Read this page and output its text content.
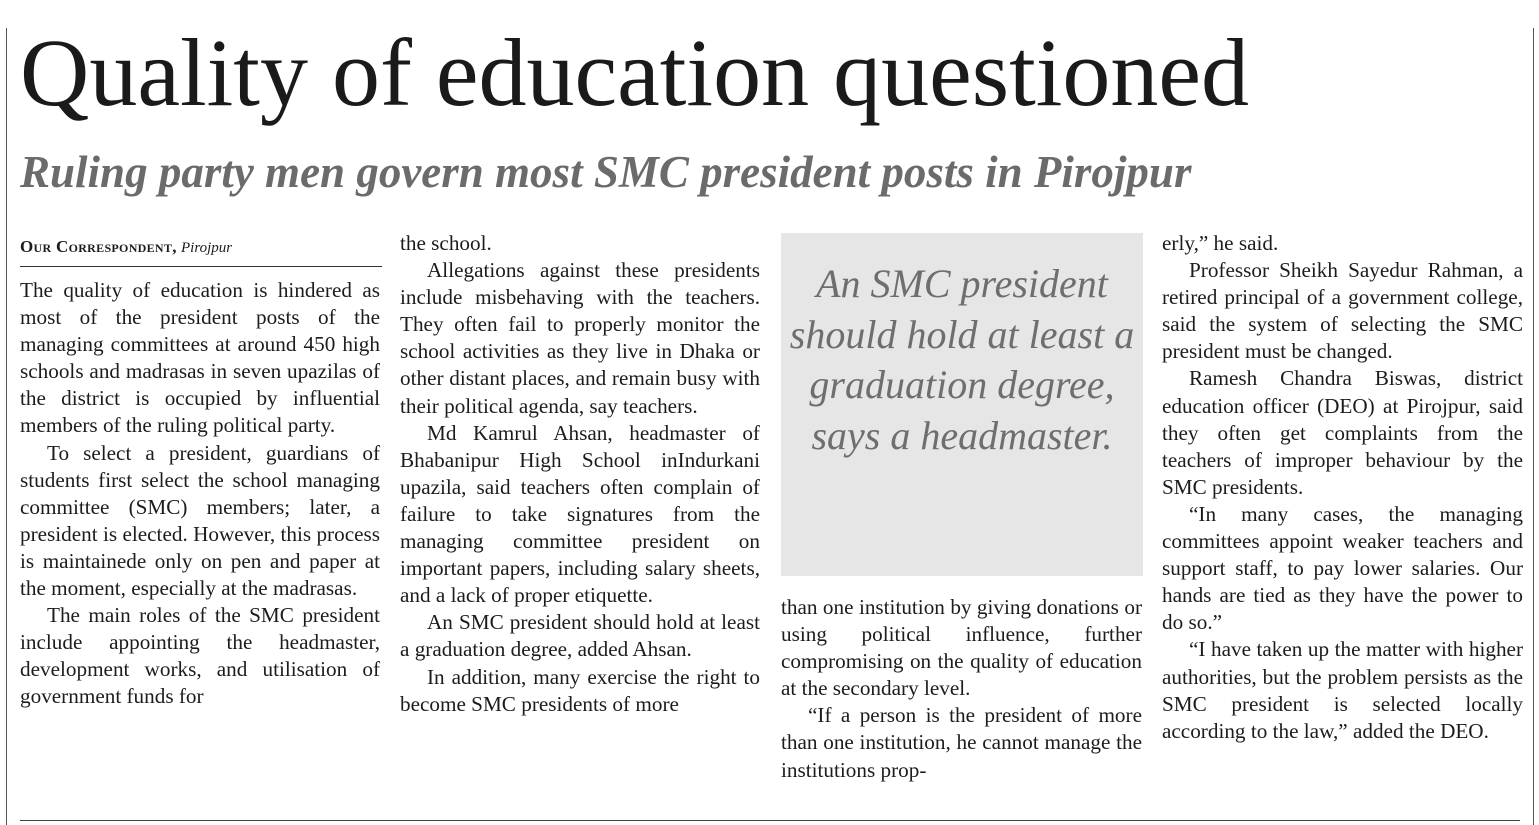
Quality of education questioned
Ruling party men govern most SMC president posts in Pirojpur
Our Correspondent, Pirojpur

The quality of education is hindered as most of the president posts of the managing committees at around 450 high schools and madrasas in seven upazilas of the district is occupied by influential members of the ruling political party.

To select a president, guardians of students first select the school managing committee (SMC) members; later, a president is elected. However, this process is maintainede only on pen and paper at the moment, especially at the madrasas.

The main roles of the SMC president include appointing the headmaster, development works, and utilisation of government funds for

the school.

Allegations against these presidents include misbehaving with the teachers. They often fail to properly monitor the school activities as they live in Dhaka or other distant places, and remain busy with their political agenda, say teachers.

Md Kamrul Ahsan, headmaster of Bhabanipur High School inIndurkani upazila, said teachers often complain of failure to take signatures from the managing committee president on important papers, including salary sheets, and a lack of proper etiquette.

An SMC president should hold at least a graduation degree, added Ahsan.

In addition, many exercise the right to become SMC presidents of more

An SMC president should hold at least a graduation degree, says a headmaster.

than one institution by giving donations or using political influence, further compromising on the quality of education at the secondary level.

“If a person is the president of more than one institution, he cannot manage the institutions prop-

erly,” he said.

Professor Sheikh Sayedur Rahman, a retired principal of a government college, said the system of selecting the SMC president must be changed.

Ramesh Chandra Biswas, district education officer (DEO) at Pirojpur, said they often get complaints from the teachers of improper behaviour by the SMC presidents.

“In many cases, the managing committees appoint weaker teachers and support staff, to pay lower salaries. Our hands are tied as they have the power to do so.”

“I have taken up the matter with higher authorities, but the problem persists as the SMC president is selected locally according to the law,” added the DEO.
